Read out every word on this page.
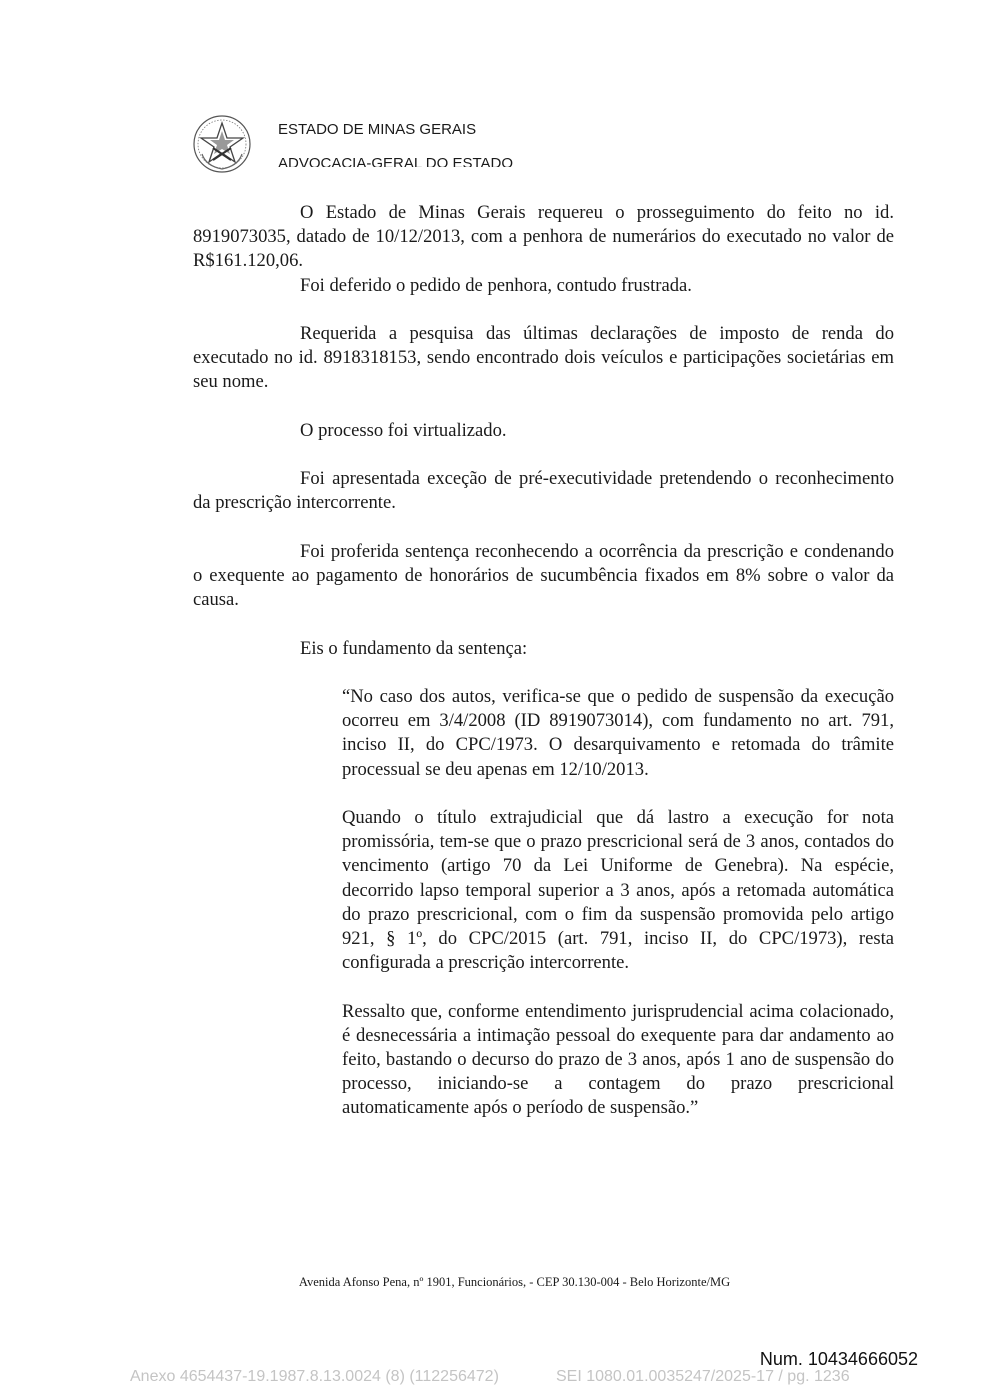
ESTADO DE MINAS GERAIS
ADVOCACIA-GERAL DO ESTADO

O Estado de Minas Gerais requereu o prosseguimento do feito no id. 8919073035, datado de 10/12/2013, com a penhora de numerários do executado no valor de R$161.120,06.

Foi deferido o pedido de penhora, contudo frustrada.

Requerida a pesquisa das últimas declarações de imposto de renda do executado no id. 8918318153, sendo encontrado dois veículos e participações societárias em seu nome.

O processo foi virtualizado.

Foi apresentada exceção de pré-executividade pretendendo o reconhecimento da prescrição intercorrente.

Foi proferida sentença reconhecendo a ocorrência da prescrição e condenando o exequente ao pagamento de honorários de sucumbência fixados em 8% sobre o valor da causa.

Eis o fundamento da sentença:

“No caso dos autos, verifica-se que o pedido de suspensão da execução ocorreu em 3/4/2008 (ID 8919073014), com fundamento no art. 791, inciso II, do CPC/1973. O desarquivamento e retomada do trâmite processual se deu apenas em 12/10/2013.

Quando o título extrajudicial que dá lastro a execução for nota promissória, tem-se que o prazo prescricional será de 3 anos, contados do vencimento (artigo 70 da Lei Uniforme de Genebra). Na espécie, decorrido lapso temporal superior a 3 anos, após a retomada automática do prazo prescricional, com o fim da suspensão promovida pelo artigo 921, § 1º, do CPC/2015 (art. 791, inciso II, do CPC/1973), resta configurada a prescrição intercorrente.

Ressalto que, conforme entendimento jurisprudencial acima colacionado, é desnecessária a intimação pessoal do exequente para dar andamento ao feito, bastando o decurso do prazo de 3 anos, após 1 ano de suspensão do processo, iniciando-se a contagem do prazo prescricional automaticamente após o período de suspensão.”

Avenida Afonso Pena, nº 1901, Funcionários, - CEP 30.130-004 - Belo Horizonte/MG
Num. 10434666052
Anexo 4654437-19.1987.8.13.0024 (8) (112256472)	SEI 1080.01.0035247/2025-17 / pg. 1236
